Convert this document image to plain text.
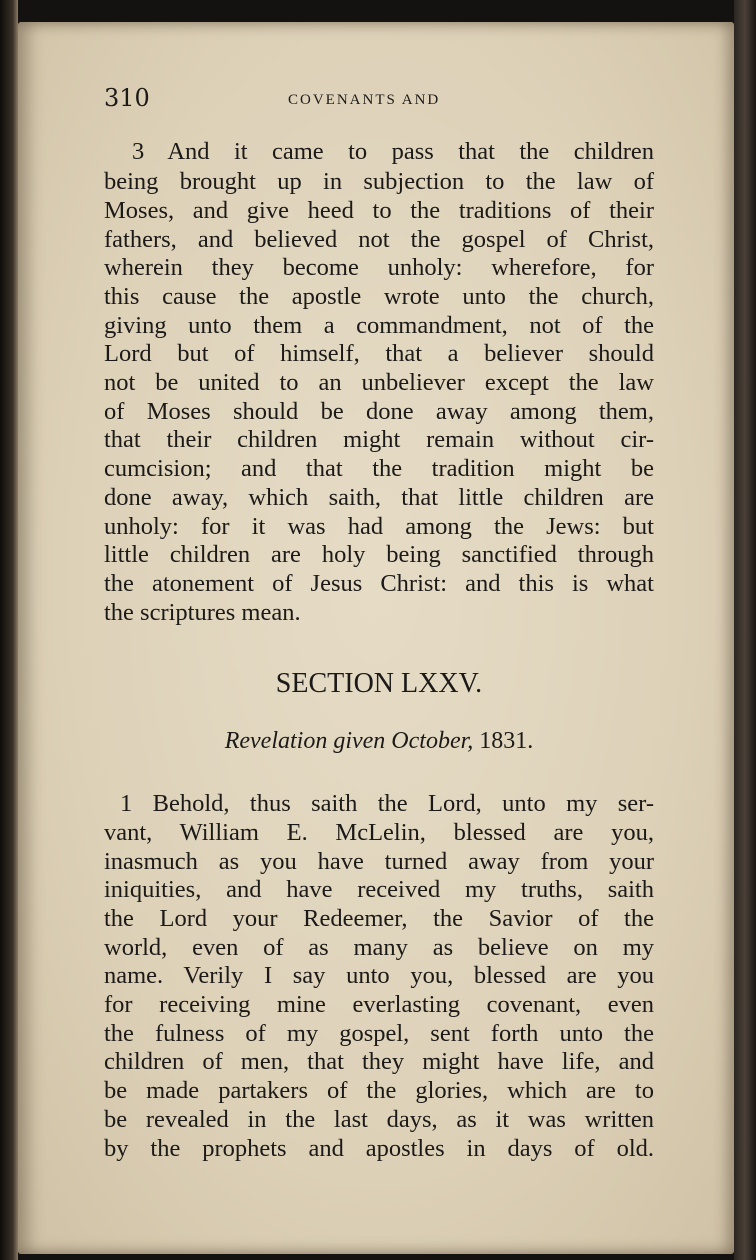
310	COVENANTS AND
3 And it came to pass that the children
being brought up in subjection to the law of
Moses, and give heed to the traditions of their
fathers, and believed not the gospel of Christ,
wherein they become unholy: wherefore, for
this cause the apostle wrote unto the church,
giving unto them a commandment, not of the
Lord but of himself, that a believer should
not be united to an unbeliever except the law
of Moses should be done away among them,
that their children might remain without cir-
cumcision; and that the tradition might be
done away, which saith, that little children are
unholy: for it was had among the Jews: but
little children are holy being sanctified through
the atonement of Jesus Christ: and this is what
the scriptures mean.
SECTION LXXV.
Revelation given October, 1831.
1 Behold, thus saith the Lord, unto my ser-
vant, William E. McLelin, blessed are you,
inasmuch as you have turned away from your
iniquities, and have received my truths, saith
the Lord your Redeemer, the Savior of the
world, even of as many as believe on my
name. Verily I say unto you, blessed are you
for receiving mine everlasting covenant, even
the fulness of my gospel, sent forth unto the
children of men, that they might have life, and
be made partakers of the glories, which are to
be revealed in the last days, as it was written
by the prophets and apostles in days of old.
